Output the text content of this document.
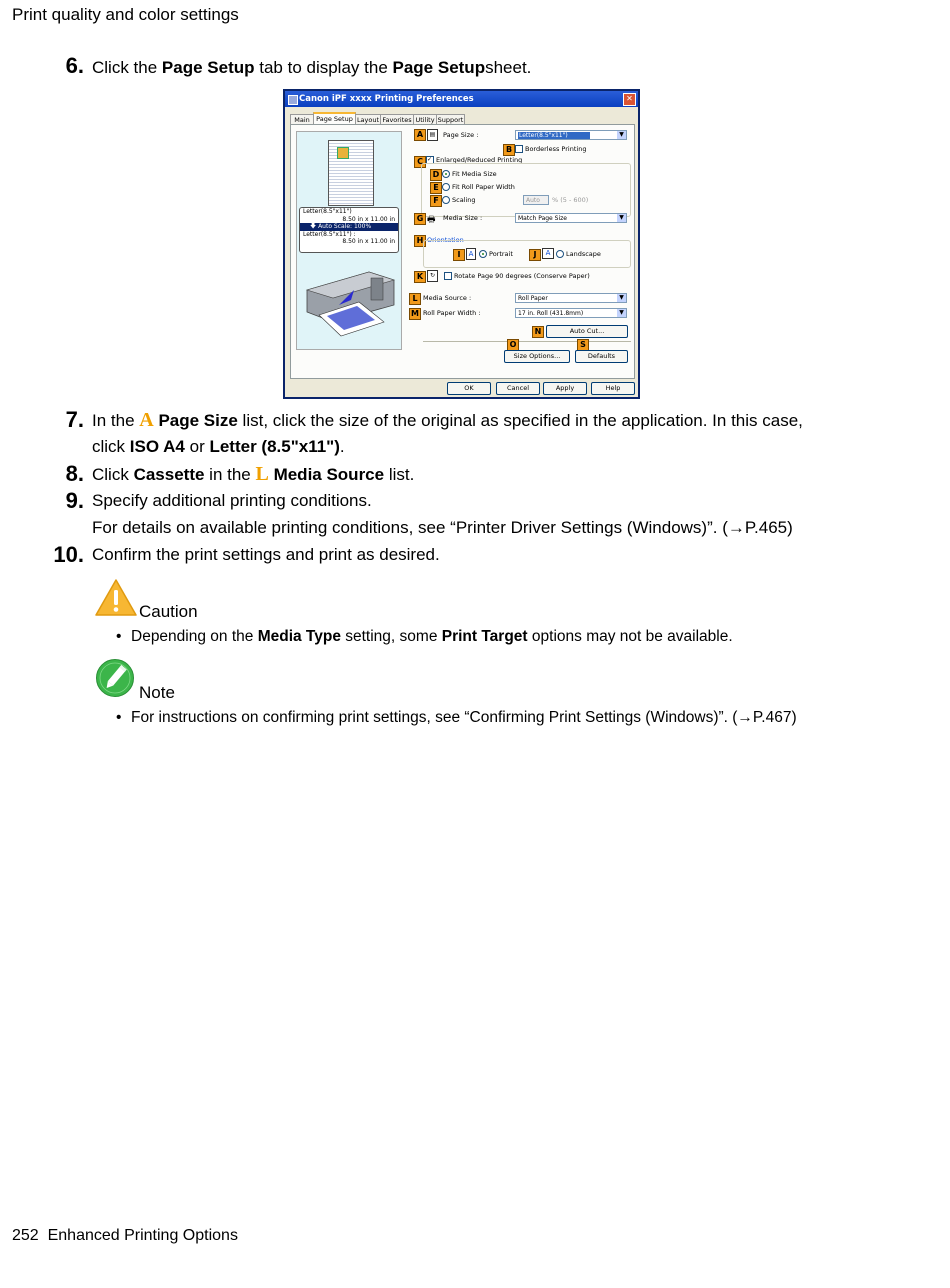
Print quality and color settings
6. Click the Page Setup tab to display the Page Setupsheet.
Canon iPF xxxx Printing Preferences	✕
Main Page Setup Layout Favorites Utility Support
Letter(8.5"x11")
8.50 in x 11.00 in
🡇 Auto Scale: 100%
Letter(8.5"x11") :
8.50 in x 11.00 in
A	▤	Page Size :	Letter(8.5"x11")	▼
B	Borderless Printing
C ✓ Enlarged/Reduced Printing
D	Fit Media Size
E	Fit Roll Paper Width
F	Scaling	Auto	% (5 - 600)
G 🖶 Media Size :	Match Page Size	▼
H Orientation
I	A	Portrait	J	A	Landscape
K	↻	Rotate Page 90 degrees (Conserve Paper)
L Media Source :	Roll Paper	▼
M Roll Paper Width :	17 in. Roll (431.8mm)	▼
N	Auto Cut...
O	S
Size Options...	Defaults
OK	Cancel	Apply	Help
7. In the A Page Size list, click the size of the original as specified in the application. In this case,
click ISO A4 or Letter (8.5"x11").
8. Click Cassette in the L Media Source list.
9. Specify additional printing conditions.
For details on available printing conditions, see “Printer Driver Settings (Windows)”. (→P.465)
10. Confirm the print settings and print as desired.
Caution
• Depending on the Media Type setting, some Print Target options may not be available.
Note
• For instructions on confirming print settings, see “Confirming Print Settings (Windows)”. (→P.467)
252 Enhanced Printing Options
